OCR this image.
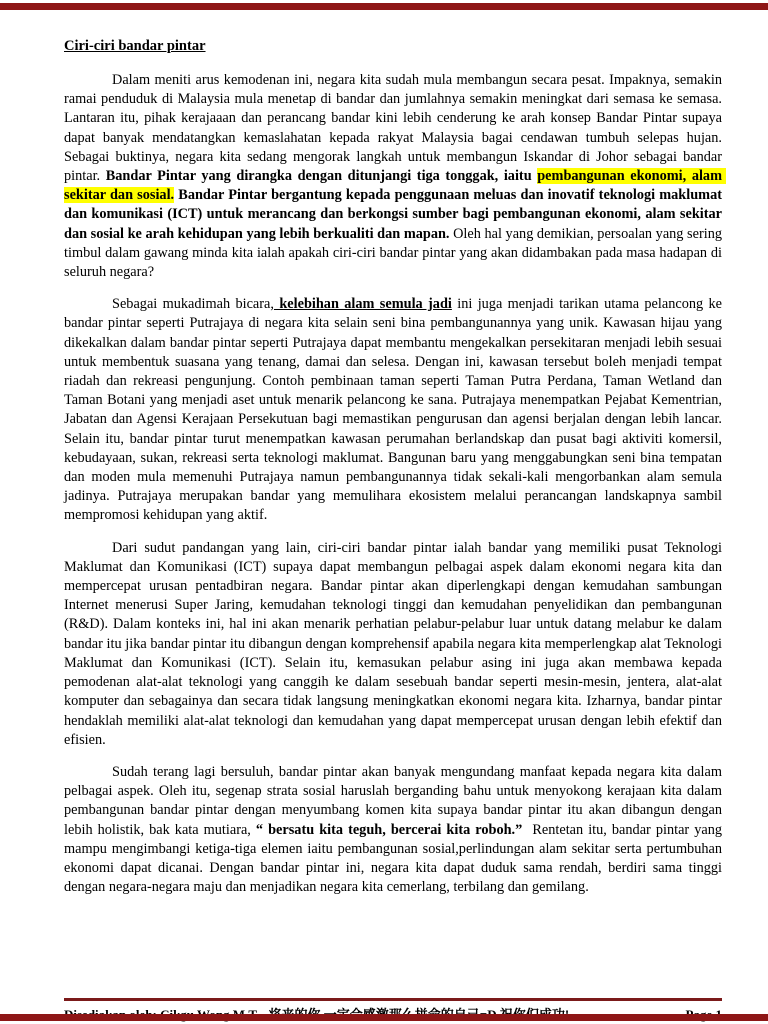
Ciri-ciri bandar pintar

Dalam meniti arus kemodenan ini, negara kita sudah mula membangun secara pesat. Impaknya, semakin ramai penduduk di Malaysia mula menetap di bandar dan jumlahnya semakin meningkat dari semasa ke semasa. Lantaran itu, pihak kerajaaan dan perancang bandar kini lebih cenderung ke arah konsep Bandar Pintar supaya dapat banyak mendatangkan kemaslahatan kepada rakyat Malaysia bagai cendawan tumbuh selepas hujan. Sebagai buktinya, negara kita sedang mengorak langkah untuk membangun Iskandar di Johor sebagai bandar pintar. Bandar Pintar yang dirangka dengan ditunjangi tiga tonggak, iaitu pembangunan ekonomi, alam sekitar dan sosial. Bandar Pintar bergantung kepada penggunaan meluas dan inovatif teknologi maklumat dan komunikasi (ICT) untuk merancang dan berkongsi sumber bagi pembangunan ekonomi, alam sekitar dan sosial ke arah kehidupan yang lebih berkualiti dan mapan. Oleh hal yang demikian, persoalan yang sering timbul dalam gawang minda kita ialah apakah ciri-ciri bandar pintar yang akan didambakan pada masa hadapan di seluruh negara?

Sebagai mukadimah bicara, kelebihan alam semula jadi ini juga menjadi tarikan utama pelancong ke bandar pintar seperti Putrajaya di negara kita selain seni bina pembangunannya yang unik. Kawasan hijau yang dikekalkan dalam bandar pintar seperti Putrajaya dapat membantu mengekalkan persekitaran menjadi lebih sesuai untuk membentuk suasana yang tenang, damai dan selesa. Dengan ini, kawasan tersebut boleh menjadi tempat riadah dan rekreasi pengunjung. Contoh pembinaan taman seperti Taman Putra Perdana, Taman Wetland dan Taman Botani yang menjadi aset untuk menarik pelancong ke sana. Putrajaya menempatkan Pejabat Kementrian, Jabatan dan Agensi Kerajaan Persekutuan bagi memastikan pengurusan dan agensi berjalan dengan lebih lancar. Selain itu, bandar pintar turut menempatkan kawasan perumahan berlandskap dan pusat bagi aktiviti komersil, kebudayaan, sukan, rekreasi serta teknologi maklumat. Bangunan baru yang menggabungkan seni bina tempatan dan moden mula memenuhi Putrajaya namun pembangunannya tidak sekali-kali mengorbankan alam semula jadinya. Putrajaya merupakan bandar yang memulihara ekosistem melalui perancangan landskapnya sambil mempromosi kehidupan yang aktif.

Dari sudut pandangan yang lain, ciri-ciri bandar pintar ialah bandar yang memiliki pusat Teknologi Maklumat dan Komunikasi (ICT) supaya dapat membangun pelbagai aspek dalam ekonomi negara kita dan mempercepat urusan pentadbiran negara. Bandar pintar akan diperlengkapi dengan kemudahan sambungan Internet menerusi Super Jaring, kemudahan teknologi tinggi dan kemudahan penyelidikan dan pembangunan (R&D). Dalam konteks ini, hal ini akan menarik perhatian pelabur-pelabur luar untuk datang melabur ke dalam bandar itu jika bandar pintar itu dibangun dengan komprehensif apabila negara kita memperlengkap alat Teknologi Maklumat dan Komunikasi (ICT). Selain itu, kemasukan pelabur asing ini juga akan membawa kepada pemodenan alat-alat teknologi yang canggih ke dalam sesebuah bandar seperti mesin-mesin, jentera, alat-alat komputer dan sebagainya dan secara tidak langsung meningkatkan ekonomi negara kita. Izharnya, bandar pintar hendaklah memiliki alat-alat teknologi dan kemudahan yang dapat mempercepat urusan dengan lebih efektif dan efisien.

Sudah terang lagi bersuluh, bandar pintar akan banyak mengundang manfaat kepada negara kita dalam pelbagai aspek. Oleh itu, segenap strata sosial haruslah berganding bahu untuk menyokong kerajaan kita dalam pembangunan bandar pintar dengan menyumbang komen kita supaya bandar pintar itu akan dibangun dengan lebih holistik, bak kata mutiara, “ bersatu kita teguh, bercerai kita roboh.”  Rentetan itu, bandar pintar yang mampu mengimbangi ketiga-tiga elemen iaitu pembangunan sosial,perlindungan alam sekitar serta pertumbuhan ekonomi dapat dicanai. Dengan bandar pintar ini, negara kita dapat duduk sama rendah, berdiri sama tinggi dengan negara-negara maju dan menjadikan negara kita cemerlang, terbilang dan gemilang.
